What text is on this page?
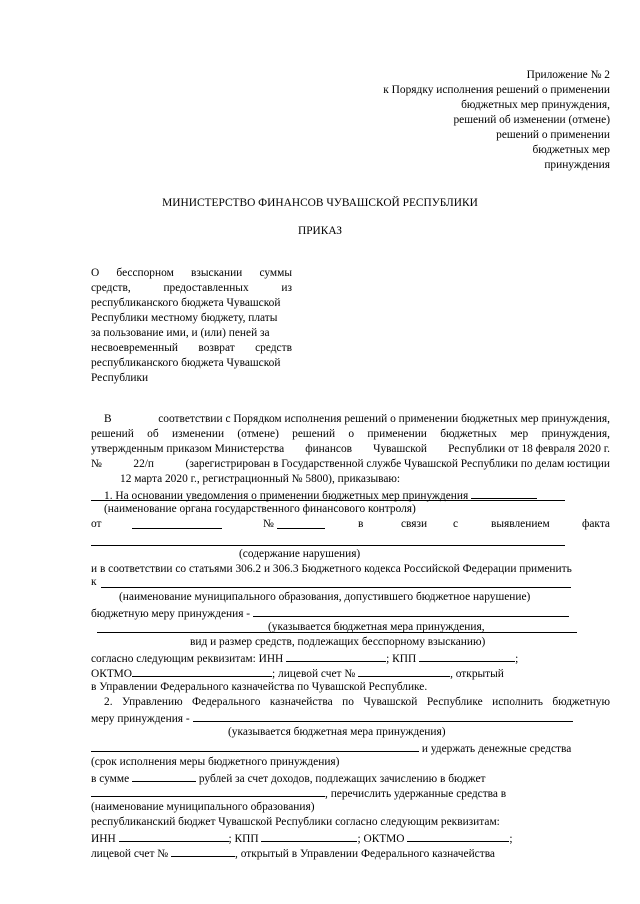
Приложение № 2
к Порядку исполнения решений о применении
бюджетных мер принуждения,
решений об изменении (отмене)
решений о применении
бюджетных мер
принуждения
МИНИСТЕРСТВО ФИНАНСОВ ЧУВАШСКОЙ РЕСПУБЛИКИ
ПРИКАЗ
О бесспорном взыскании суммы
средств,	предоставленных	из
республиканского бюджета Чувашской
Республики местному бюджету, платы
за пользование ими, и (или) пеней за
несвоевременный возврат средств
республиканского бюджета Чувашской
Республики
В	соответствии с Порядком исполнения решений о применении бюджетных мер принуждения,
решений об изменении (отмене) решений о применении бюджетных мер принуждения,
утвержденным приказом Министерства финансов Чувашской Республики от 18 февраля 2020 г.
№	22/п	(зарегистрирован в Государственной службе Чувашской Республики по делам юстиции
12 марта 2020 г., регистрационный № 5800), приказываю:
1. На основании уведомления о применении бюджетных мер принуждения
(наименование органа государственного финансового контроля)
от	№	в	связи с	выявлением	факта
(содержание нарушения)
и в соответствии со статьями 306.2 и 306.3 Бюджетного кодекса Российской Федерации применить
к
(наименование муниципального образования, допустившего бюджетное нарушение)
бюджетную меру принуждения -
(указывается бюджетная мера принуждения,
вид и размер средств, подлежащих бесспорному взысканию)
согласно следующим реквизитам: ИНН	; КПП	;
ОКТМО	; лицевой счет №	, открытый
в Управлении Федерального казначейства по Чувашской Республике.
2. Управлению Федерального казначейства по Чувашской Республике исполнить бюджетную
меру принуждения -
(указывается бюджетная мера принуждения)
и удержать денежные средства
(срок исполнения меры бюджетного принуждения)
в сумме	рублей за счет доходов, подлежащих зачислению в бюджет
, перечислить удержанные средства в
(наименование муниципального образования)
республиканский бюджет Чувашской Республики согласно следующим реквизитам:
ИНН	; КПП	; ОКТМО	;
лицевой счет №	, открытый в Управлении Федерального казначейства
